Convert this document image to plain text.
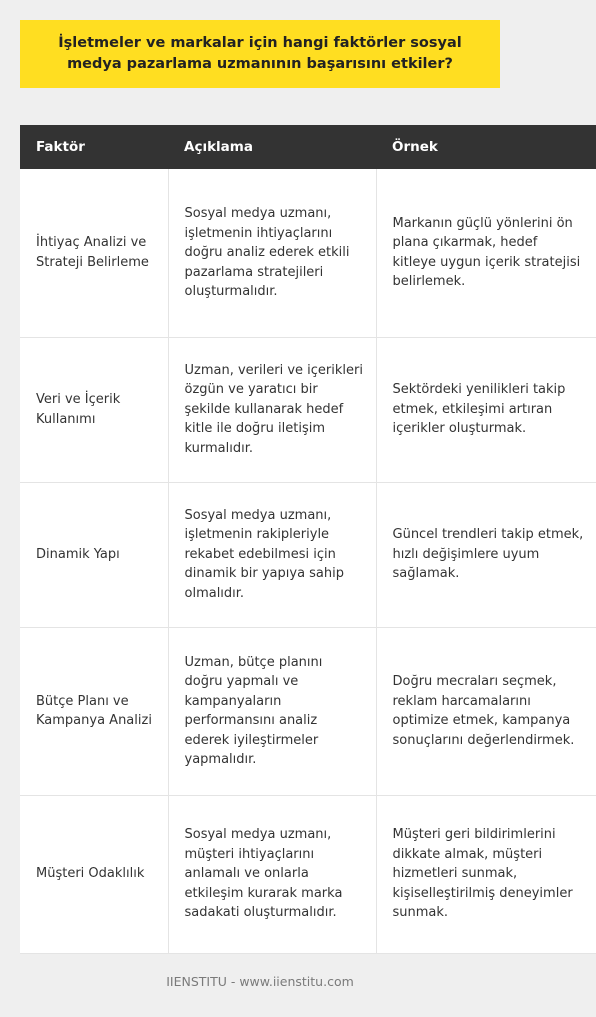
İşletmeler ve markalar için hangi faktörler sosyal medya pazarlama uzmanının başarısını etkiler?
Faktör	Açıklama	Örnek
İhtiyaç Analizi ve Strateji Belirleme	Sosyal medya uzmanı, işletmenin ihtiyaçlarını doğru analiz ederek etkili pazarlama stratejileri oluşturmalıdır.	Markanın güçlü yönlerini ön plana çıkarmak, hedef kitleye uygun içerik stratejisi belirlemek.
Veri ve İçerik Kullanımı	Uzman, verileri ve içerikleri özgün ve yaratıcı bir şekilde kullanarak hedef kitle ile doğru iletişim kurmalıdır.	Sektördeki yenilikleri takip etmek, etkileşimi artıran içerikler oluşturmak.
Dinamik Yapı	Sosyal medya uzmanı, işletmenin rakipleriyle rekabet edebilmesi için dinamik bir yapıya sahip olmalıdır.	Güncel trendleri takip etmek, hızlı değişimlere uyum sağlamak.
Bütçe Planı ve Kampanya Analizi	Uzman, bütçe planını doğru yapmalı ve kampanyaların performansını analiz ederek iyileştirmeler yapmalıdır.	Doğru mecraları seçmek, reklam harcamalarını optimize etmek, kampanya sonuçlarını değerlendirmek.
Müşteri Odaklılık	Sosyal medya uzmanı, müşteri ihtiyaçlarını anlamalı ve onlarla etkileşim kurarak marka sadakati oluşturmalıdır.	Müşteri geri bildirimlerini dikkate almak, müşteri hizmetleri sunmak, kişiselleştirilmiş deneyimler sunmak.
IIENSTITU - www.iienstitu.com
